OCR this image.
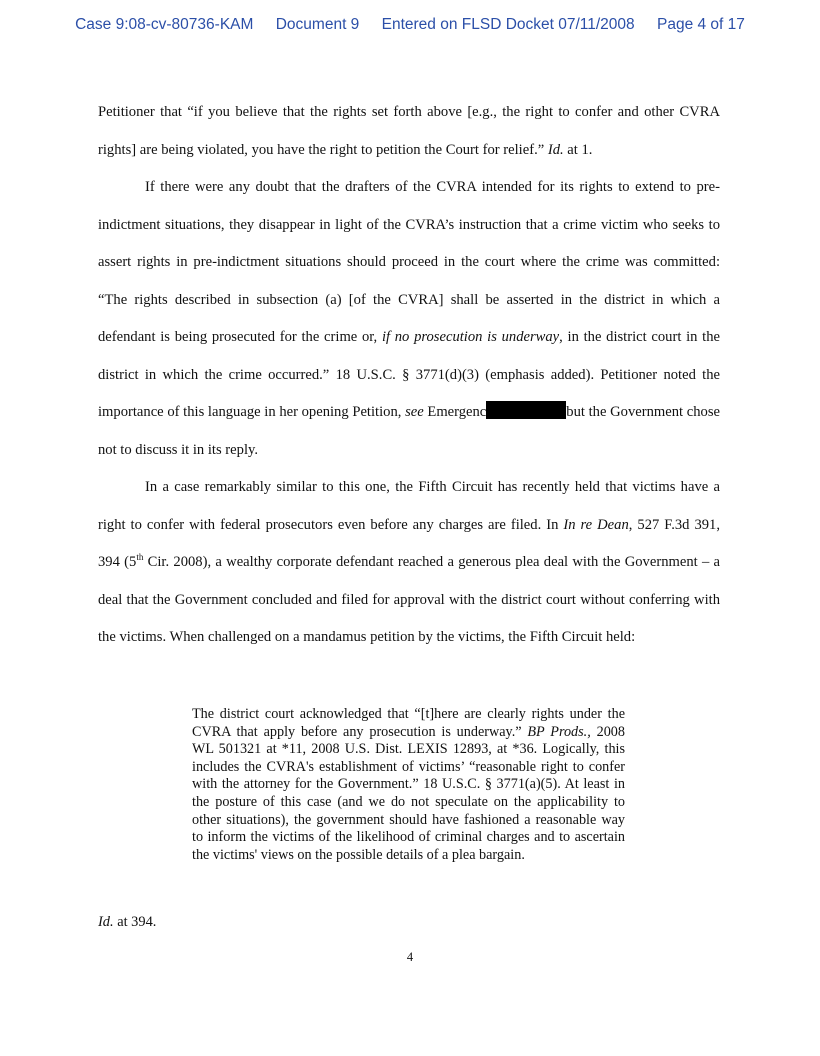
Case 9:08-cv-80736-KAM Document 9 Entered on FLSD Docket 07/11/2008 Page 4 of 17

Petitioner that “if you believe that the rights set forth above [e.g., the right to confer and other CVRA rights] are being violated, you have the right to petition the Court for relief.” Id. at 1.

If there were any doubt that the drafters of the CVRA intended for its rights to extend to pre-indictment situations, they disappear in light of the CVRA’s instruction that a crime victim who seeks to assert rights in pre-indictment situations should proceed in the court where the crime was committed: “The rights described in subsection (a) [of the CVRA] shall be asserted in the district in which a defendant is being prosecuted for the crime or, if no prosecution is underway, in the district court in the district in which the crime occurred.” 18 U.S.C. § 3771(d)(3) (emphasis added). Petitioner noted the importance of this language in her opening Petition, see Emergenc	but the Government chose not to discuss it in its reply.

In a case remarkably similar to this one, the Fifth Circuit has recently held that victims have a right to confer with federal prosecutors even before any charges are filed. In In re Dean, 527 F.3d 391, 394 (5th Cir. 2008), a wealthy corporate defendant reached a generous plea deal with the Government – a deal that the Government concluded and filed for approval with the district court without conferring with the victims. When challenged on a mandamus petition by the victims, the Fifth Circuit held:

The district court acknowledged that “[t]here are clearly rights under the CVRA that apply before any prosecution is underway.” BP Prods., 2008 WL 501321 at *11, 2008 U.S. Dist. LEXIS 12893, at *36. Logically, this includes the CVRA's establishment of victims’ “reasonable right to confer with the attorney for the Government.” 18 U.S.C. § 3771(a)(5). At least in the posture of this case (and we do not speculate on the applicability to other situations), the government should have fashioned a reasonable way to inform the victims of the likelihood of criminal charges and to ascertain the victims' views on the possible details of a plea bargain.

Id. at 394.
4
